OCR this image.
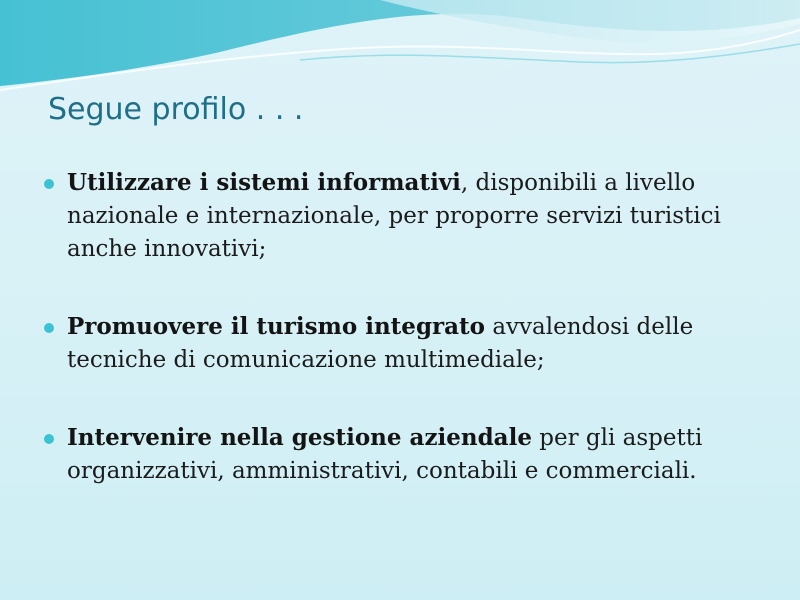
Segue profilo . . .
Utilizzare i sistemi informativi, disponibili a livello nazionale e internazionale, per proporre servizi turistici anche innovativi;
Promuovere il turismo integrato avvalendosi delle tecniche di comunicazione multimediale;
Intervenire nella gestione aziendale per gli aspetti organizzativi, amministrativi, contabili e commerciali.
